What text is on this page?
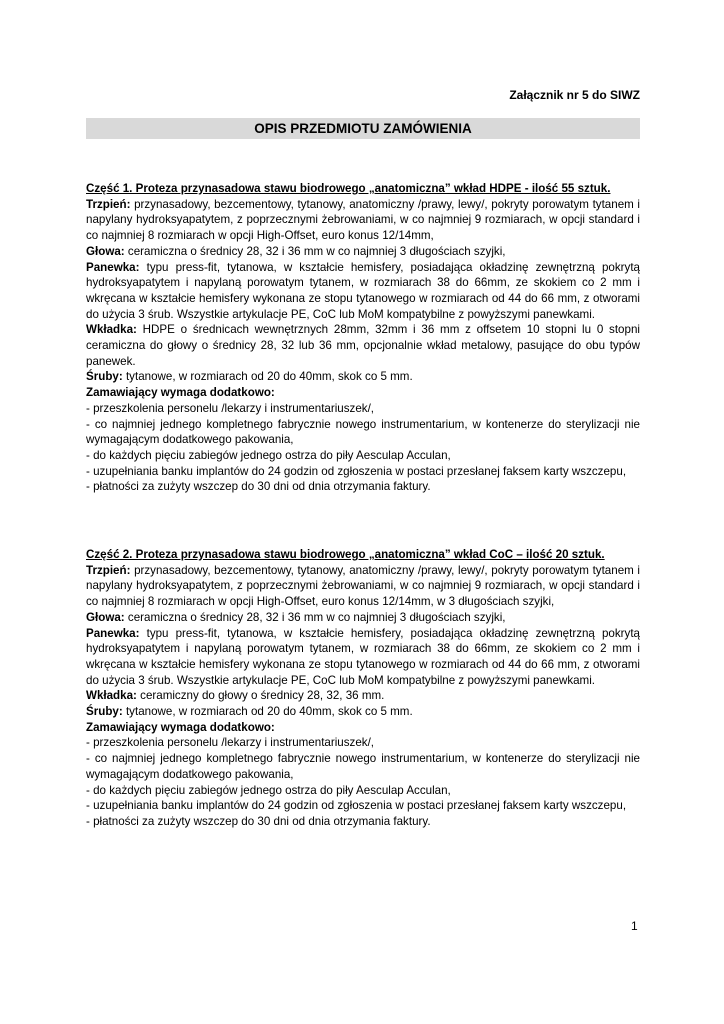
Załącznik nr 5 do SIWZ
OPIS PRZEDMIOTU ZAMÓWIENIA

Część 1. Proteza przynasadowa stawu biodrowego „anatomiczna” wkład HDPE - ilość 55 sztuk.

Trzpień: przynasadowy, bezcementowy, tytanowy, anatomiczny /prawy, lewy/, pokryty porowatym tytanem i napylany hydroksyapatytem, z poprzecznymi żebrowaniami, w co najmniej 9 rozmiarach, w opcji standard i co najmniej 8 rozmiarach w opcji High-Offset, euro konus 12/14mm,

Głowa: ceramiczna o średnicy 28, 32 i 36 mm w co najmniej 3 długościach szyjki,

Panewka: typu press-fit, tytanowa, w kształcie hemisfery, posiadająca okładzinę zewnętrzną pokrytą hydroksyapatytem i napylaną porowatym tytanem, w rozmiarach 38 do 66mm, ze skokiem co 2 mm i wkręcana w kształcie hemisfery wykonana ze stopu tytanowego w rozmiarach od 44 do 66 mm, z otworami do użycia 3 śrub. Wszystkie artykulacje PE, CoC lub MoM kompatybilne z powyższymi panewkami.

Wkładka: HDPE o średnicach wewnętrznych 28mm, 32mm i 36 mm z offsetem 10 stopni lu 0 stopni ceramiczna do głowy o średnicy 28, 32 lub 36 mm, opcjonalnie wkład metalowy, pasujące do obu typów panewek.

Śruby: tytanowe, w rozmiarach od 20 do 40mm, skok co 5 mm.

Zamawiający wymaga dodatkowo:

- przeszkolenia personelu /lekarzy i instrumentariuszek/,

- co najmniej jednego kompletnego fabrycznie nowego instrumentarium, w kontenerze do sterylizacji nie wymagającym dodatkowego pakowania,

- do każdych pięciu zabiegów jednego ostrza do piły Aesculap Acculan,

- uzupełniania banku implantów do 24 godzin od zgłoszenia w postaci przesłanej faksem karty wszczepu,

- płatności za zużyty wszczep do 30 dni od dnia otrzymania faktury.

Część 2. Proteza przynasadowa stawu biodrowego „anatomiczna” wkład CoC – ilość 20 sztuk.

Trzpień: przynasadowy, bezcementowy, tytanowy, anatomiczny /prawy, lewy/, pokryty porowatym tytanem i napylany hydroksyapatytem, z poprzecznymi żebrowaniami, w co najmniej 9 rozmiarach, w opcji standard i co najmniej 8 rozmiarach w opcji High-Offset, euro konus 12/14mm, w 3 długościach szyjki,

Głowa: ceramiczna o średnicy 28, 32 i 36 mm w co najmniej 3 długościach szyjki,

Panewka: typu press-fit, tytanowa, w kształcie hemisfery, posiadająca okładzinę zewnętrzną pokrytą hydroksyapatytem i napylaną porowatym tytanem, w rozmiarach 38 do 66mm, ze skokiem co 2 mm i wkręcana w kształcie hemisfery wykonana ze stopu tytanowego w rozmiarach od 44 do 66 mm, z otworami do użycia 3 śrub. Wszystkie artykulacje PE, CoC lub MoM kompatybilne z powyższymi panewkami.

Wkładka: ceramiczny do głowy o średnicy 28, 32, 36 mm.

Śruby: tytanowe, w rozmiarach od 20 do 40mm, skok co 5 mm.

Zamawiający wymaga dodatkowo:

- przeszkolenia personelu /lekarzy i instrumentariuszek/,

- co najmniej jednego kompletnego fabrycznie nowego instrumentarium, w kontenerze do sterylizacji nie wymagającym dodatkowego pakowania,

- do każdych pięciu zabiegów jednego ostrza do piły Aesculap Acculan,

- uzupełniania banku implantów do 24 godzin od zgłoszenia w postaci przesłanej faksem karty wszczepu,

- płatności za zużyty wszczep do 30 dni od dnia otrzymania faktury.

1
